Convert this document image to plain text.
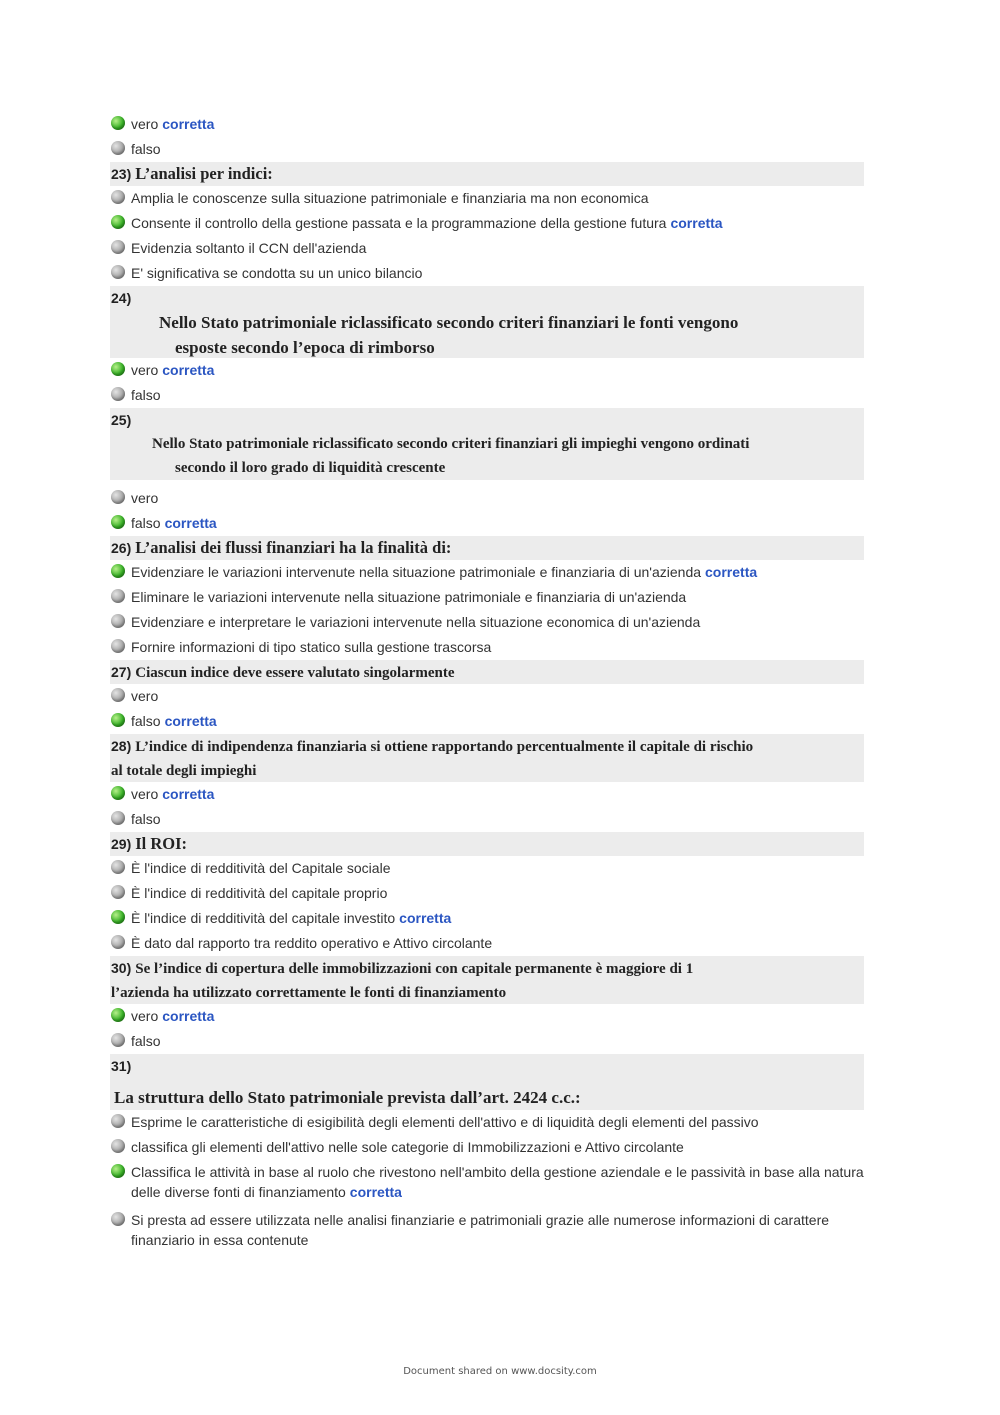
vero corretta
falso
23) L’analisi per indici:
Amplia le conoscenze sulla situazione patrimoniale e finanziaria ma non economica
Consente il controllo della gestione passata e la programmazione della gestione futura corretta
Evidenzia soltanto il CCN dell'azienda
E' significativa se condotta su un unico bilancio
24)
Nello Stato patrimoniale riclassificato secondo criteri finanziari le fonti vengono
esposte secondo l’epoca di rimborso
vero corretta
falso
25)
Nello Stato patrimoniale riclassificato secondo criteri finanziari gli impieghi vengono ordinati
secondo il loro grado di liquidità crescente
vero
falso corretta
26) L’analisi dei flussi finanziari ha la finalità di:
Evidenziare le variazioni intervenute nella situazione patrimoniale e finanziaria di un'azienda corretta
Eliminare le variazioni intervenute nella situazione patrimoniale e finanziaria di un'azienda
Evidenziare e interpretare le variazioni intervenute nella situazione economica di un'azienda
Fornire informazioni di tipo statico sulla gestione trascorsa
27) Ciascun indice deve essere valutato singolarmente
vero
falso corretta
28) L’indice di indipendenza finanziaria si ottiene rapportando percentualmente il capitale di rischio
al totale degli impieghi
vero corretta
falso
29) Il ROI:
È l'indice di redditività del Capitale sociale
È l'indice di redditività del capitale proprio
È l'indice di redditività del capitale investito corretta
È dato dal rapporto tra reddito operativo e Attivo circolante
30) Se l’indice di copertura delle immobilizzazioni con capitale permanente è maggiore di 1
l’azienda ha utilizzato correttamente le fonti di finanziamento
vero corretta
falso
31)
La struttura dello Stato patrimoniale prevista dall’art. 2424 c.c.:
Esprime le caratteristiche di esigibilità degli elementi dell'attivo e di liquidità degli elementi del passivo
classifica gli elementi dell'attivo nelle sole categorie di Immobilizzazioni e Attivo circolante
Classifica le attività in base al ruolo che rivestono nell'ambito della gestione aziendale e le passività in base alla natura delle diverse fonti di finanziamento corretta
Si presta ad essere utilizzata nelle analisi finanziarie e patrimoniali grazie alle numerose informazioni di carattere finanziario in essa contenute
Document shared on www.docsity.com
